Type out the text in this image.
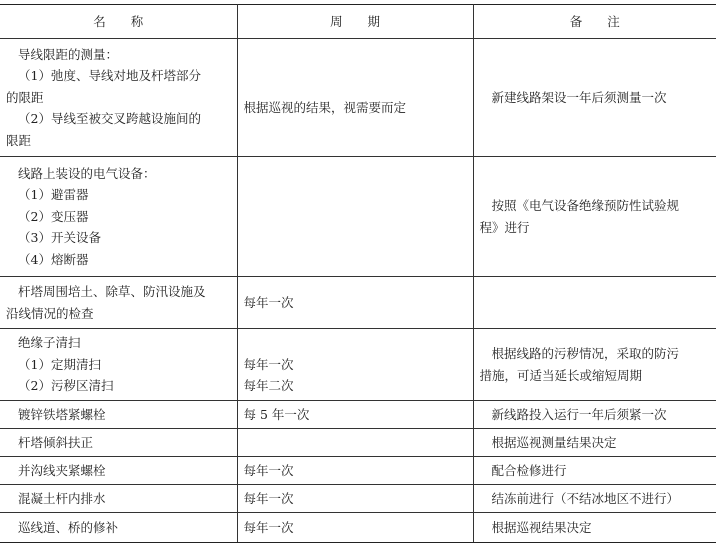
名　　称	周　　期	备　　注

导线限距的测量：
（1）弛度、导线对地及杆塔部分
的限距
（2）导线至被交叉跨越设施间的
限距	根据巡视的结果，视需要而定	新建线路架设一年后须测量一次

线路上装设的电气设备：
（1）避雷器
（2）变压器
（3）开关设备
（4）熔断器		按照《电气设备绝缘预防性试验规
程》进行

杆塔周围培土、除草、防汛设施及
沿线情况的检查	每年一次	

绝缘子清扫
（1）定期清扫
（2）污秽区清扫	每年一次
每年二次	根据线路的污秽情况，采取的防污
措施，可适当延长或缩短周期

镀锌铁塔紧螺栓	每 5 年一次	新线路投入运行一年后须紧一次

杆塔倾斜扶正		根据巡视测量结果决定

并沟线夹紧螺栓	每年一次	配合检修进行

混凝土杆内排水	每年一次	结冻前进行（不结冰地区不进行）

巡线道、桥的修补	每年一次	根据巡视结果决定
